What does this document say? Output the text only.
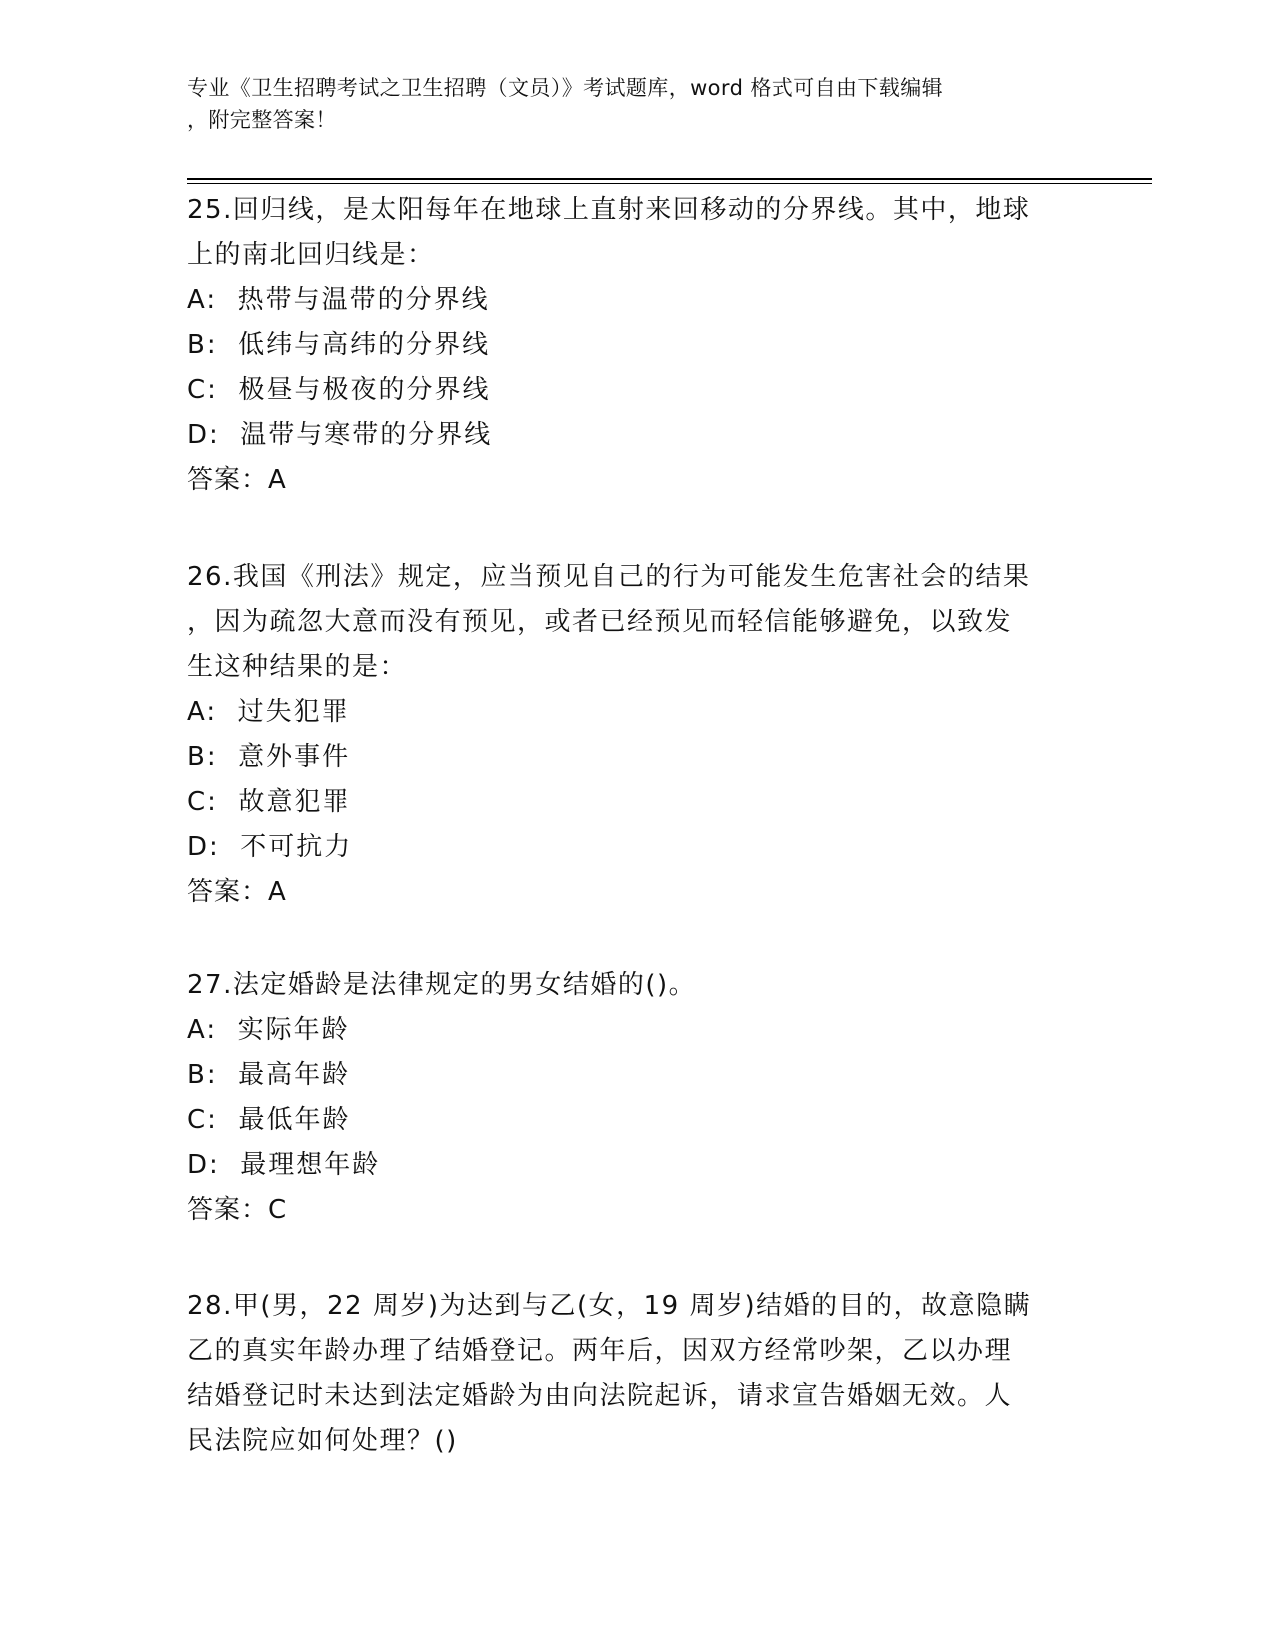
专业《卫生招聘考试之卫生招聘（文员）》考试题库，word 格式可自由下载编辑
，附完整答案！
25.回归线，是太阳每年在地球上直射来回移动的分界线。其中，地球
上的南北回归线是：
A:  热带与温带的分界线
B:  低纬与高纬的分界线
C:  极昼与极夜的分界线
D:  温带与寒带的分界线
答案：A
26.我国《刑法》规定，应当预见自己的行为可能发生危害社会的结果
，因为疏忽大意而没有预见，或者已经预见而轻信能够避免，以致发
生这种结果的是：
A:  过失犯罪
B:  意外事件
C:  故意犯罪
D:  不可抗力
答案：A
27.法定婚龄是法律规定的男女结婚的()。
A:  实际年龄
B:  最高年龄
C:  最低年龄
D:  最理想年龄
答案：C
28.甲(男，22 周岁)为达到与乙(女，19 周岁)结婚的目的，故意隐瞒
乙的真实年龄办理了结婚登记。两年后，因双方经常吵架，乙以办理
结婚登记时未达到法定婚龄为由向法院起诉，请求宣告婚姻无效。人
民法院应如何处理？()
